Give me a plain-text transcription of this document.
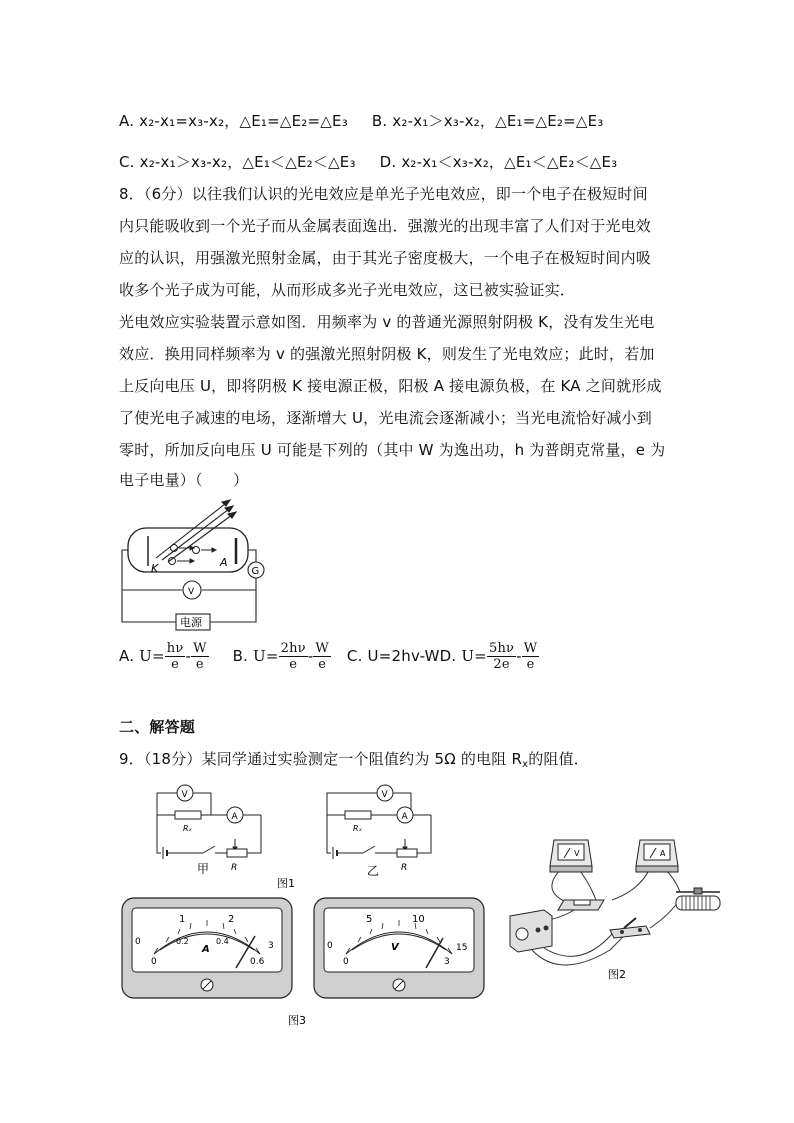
A. x₂-x₁=x₃-x₂，△E₁=△E₂=△E₃ B. x₂-x₁＞x₃-x₂，△E₁=△E₂=△E₃
C. x₂-x₁＞x₃-x₂，△E₁＜△E₂＜△E₃ D. x₂-x₁＜x₃-x₂，△E₁＜△E₂＜△E₃
8．（6分）以往我们认识的光电效应是单光子光电效应，即一个电子在极短时间
内只能吸收到一个光子而从金属表面逸出．强激光的出现丰富了人们对于光电效
应的认识，用强激光照射金属，由于其光子密度极大，一个电子在极短时间内吸
收多个光子成为可能，从而形成多光子光电效应，这已被实验证实．
光电效应实验装置示意如图．用频率为 v 的普通光源照射阴极 K，没有发生光电
效应．换用同样频率为 v 的强激光照射阴极 K，则发生了光电效应；此时，若加
上反向电压 U，即将阴极 K 接电源正极，阳极 A 接电源负极，在 KA 之间就形成
了使光电子减速的电场，逐渐增大 U，光电流会逐渐减小；当光电流恰好减小到
零时，所加反向电压 U 可能是下列的（其中 W 为逸出功，h 为普朗克常量，e 为
电子电量）（　　）
K	A
G
V
电源
A. $U= \frac{h\nu}{e} - \frac{W}{e} B$. $U= \frac{2h\nu}{e} - \frac{W}{e} C$. U=2hv-WD. $U= \frac{5h\nu}{2e} - \frac{W}{e}$
二、解答题
9．（18分）某同学通过实验测定一个阻值约为 5Ω 的电阻 $R_x$的阻值．
V
A
Rₓ
R
甲
V
A
Rₓ
R
乙
图1
1	2
0.2	0.4
0
0
3
0.6
A
5	10
0
0
15
3
V
图3
V	A
图2
